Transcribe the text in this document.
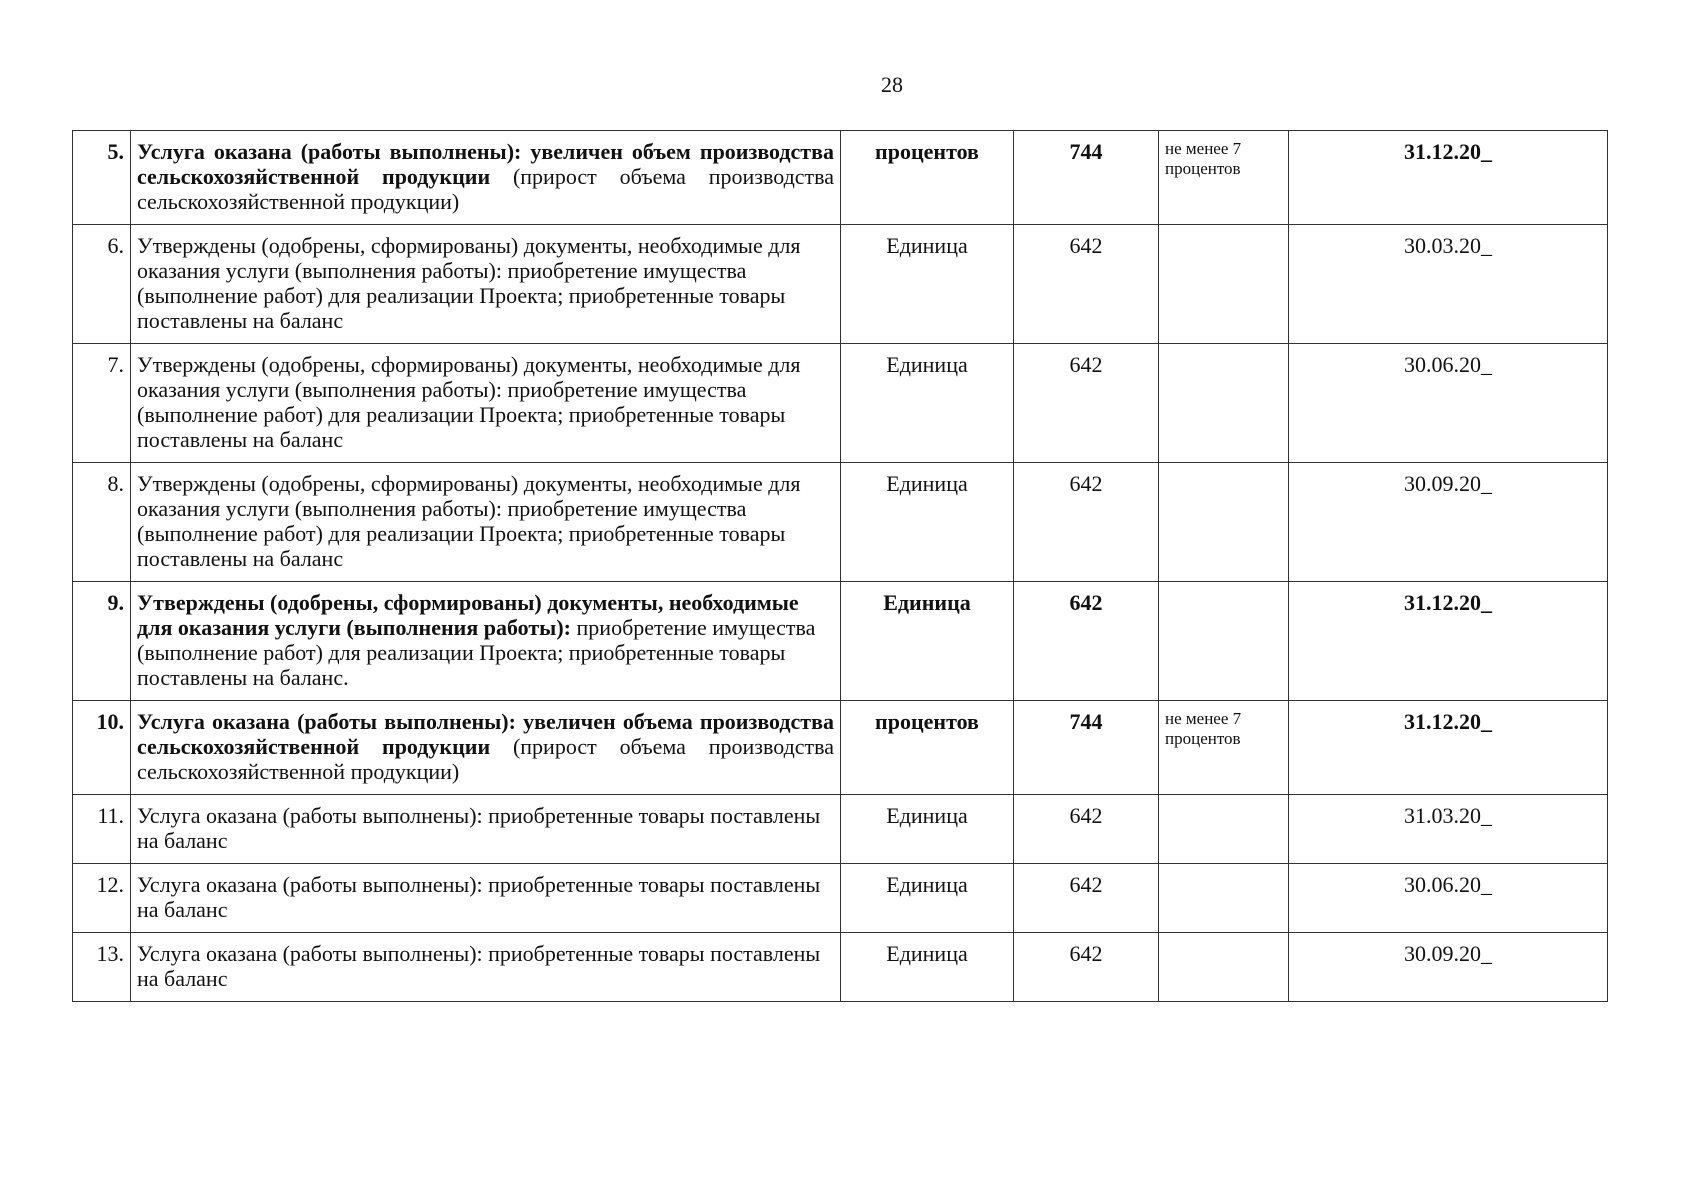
28
5.	Услуга оказана (работы выполнены): увеличен объем производства сельскохозяйственной продукции (прирост объема производства сельскохозяйственной продукции)	процентов	744	не менее 7 процентов	31.12.20_
6.	Утверждены (одобрены, сформированы) документы, необходимые для оказания услуги (выполнения работы): приобретение имущества (выполнение работ) для реализации Проекта; приобретенные товары поставлены на баланс	Единица	642		30.03.20_
7.	Утверждены (одобрены, сформированы) документы, необходимые для оказания услуги (выполнения работы): приобретение имущества (выполнение работ) для реализации Проекта; приобретенные товары поставлены на баланс	Единица	642		30.06.20_
8.	Утверждены (одобрены, сформированы) документы, необходимые для оказания услуги (выполнения работы): приобретение имущества (выполнение работ) для реализации Проекта; приобретенные товары поставлены на баланс	Единица	642		30.09.20_
9.	Утверждены (одобрены, сформированы) документы, необходимые для оказания услуги (выполнения работы): приобретение имущества (выполнение работ) для реализации Проекта; приобретенные товары поставлены на баланс.	Единица	642		31.12.20_
10.	Услуга оказана (работы выполнены): увеличен объема производства сельскохозяйственной продукции (прирост объема производства сельскохозяйственной продукции)	процентов	744	не менее 7 процентов	31.12.20_
11.	Услуга оказана (работы выполнены): приобретенные товары поставлены на баланс	Единица	642		31.03.20_
12.	Услуга оказана (работы выполнены): приобретенные товары поставлены на баланс	Единица	642		30.06.20_
13.	Услуга оказана (работы выполнены): приобретенные товары поставлены на баланс	Единица	642		30.09.20_
